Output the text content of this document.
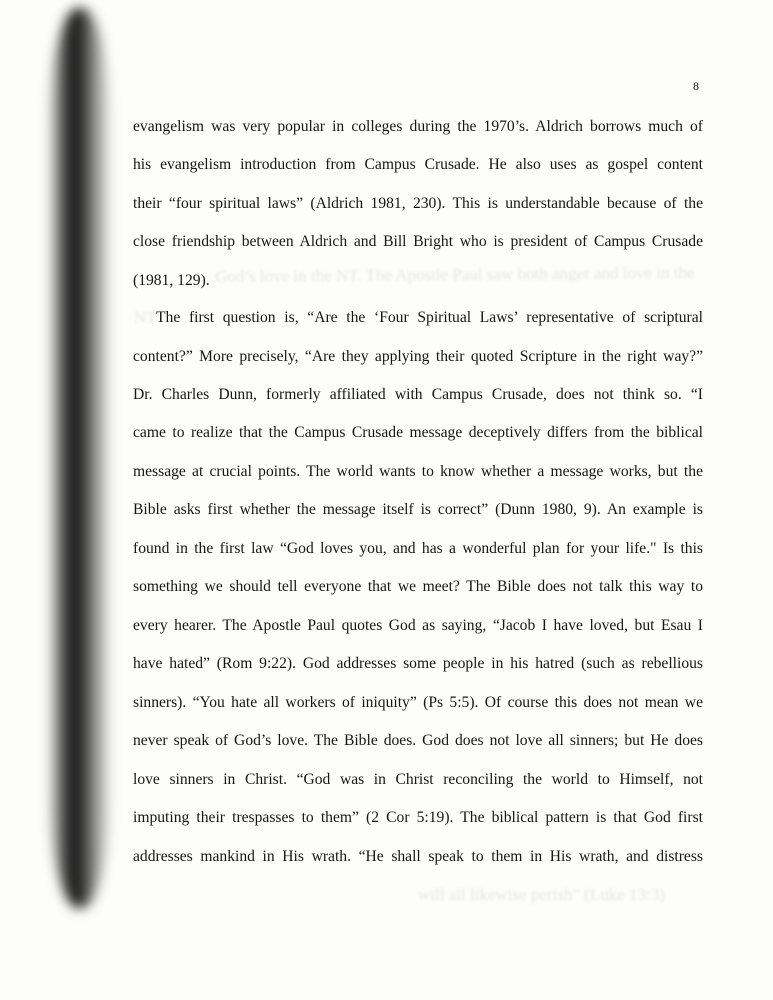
God’s love in the NT. The Apostle Paul saw both anger and love in the
NT
will all likewise perish” (Luke 13:3)
8
evangelism was very popular in colleges during the 1970’s. Aldrich borrows much of
his evangelism introduction from Campus Crusade. He also uses as gospel content
their “four spiritual laws” (Aldrich 1981, 230). This is understandable because of the
close friendship between Aldrich and Bill Bright who is president of Campus Crusade
(1981, 129).
The first question is, “Are the ‘Four Spiritual Laws’ representative of scriptural
content?” More precisely, “Are they applying their quoted Scripture in the right way?”
Dr. Charles Dunn, formerly affiliated with Campus Crusade, does not think so. “I
came to realize that the Campus Crusade message deceptively differs from the biblical
message at crucial points. The world wants to know whether a message works, but the
Bible asks first whether the message itself is correct” (Dunn 1980, 9). An example is
found in the first law “God loves you, and has a wonderful plan for your life." Is this
something we should tell everyone that we meet? The Bible does not talk this way to
every hearer. The Apostle Paul quotes God as saying, “Jacob I have loved, but Esau I
have hated” (Rom 9:22). God addresses some people in his hatred (such as rebellious
sinners). “You hate all workers of iniquity” (Ps 5:5). Of course this does not mean we
never speak of God’s love. The Bible does. God does not love all sinners; but He does
love sinners in Christ. “God was in Christ reconciling the world to Himself, not
imputing their trespasses to them” (2 Cor 5:19). The biblical pattern is that God first
addresses mankind in His wrath. “He shall speak to them in His wrath, and distress
